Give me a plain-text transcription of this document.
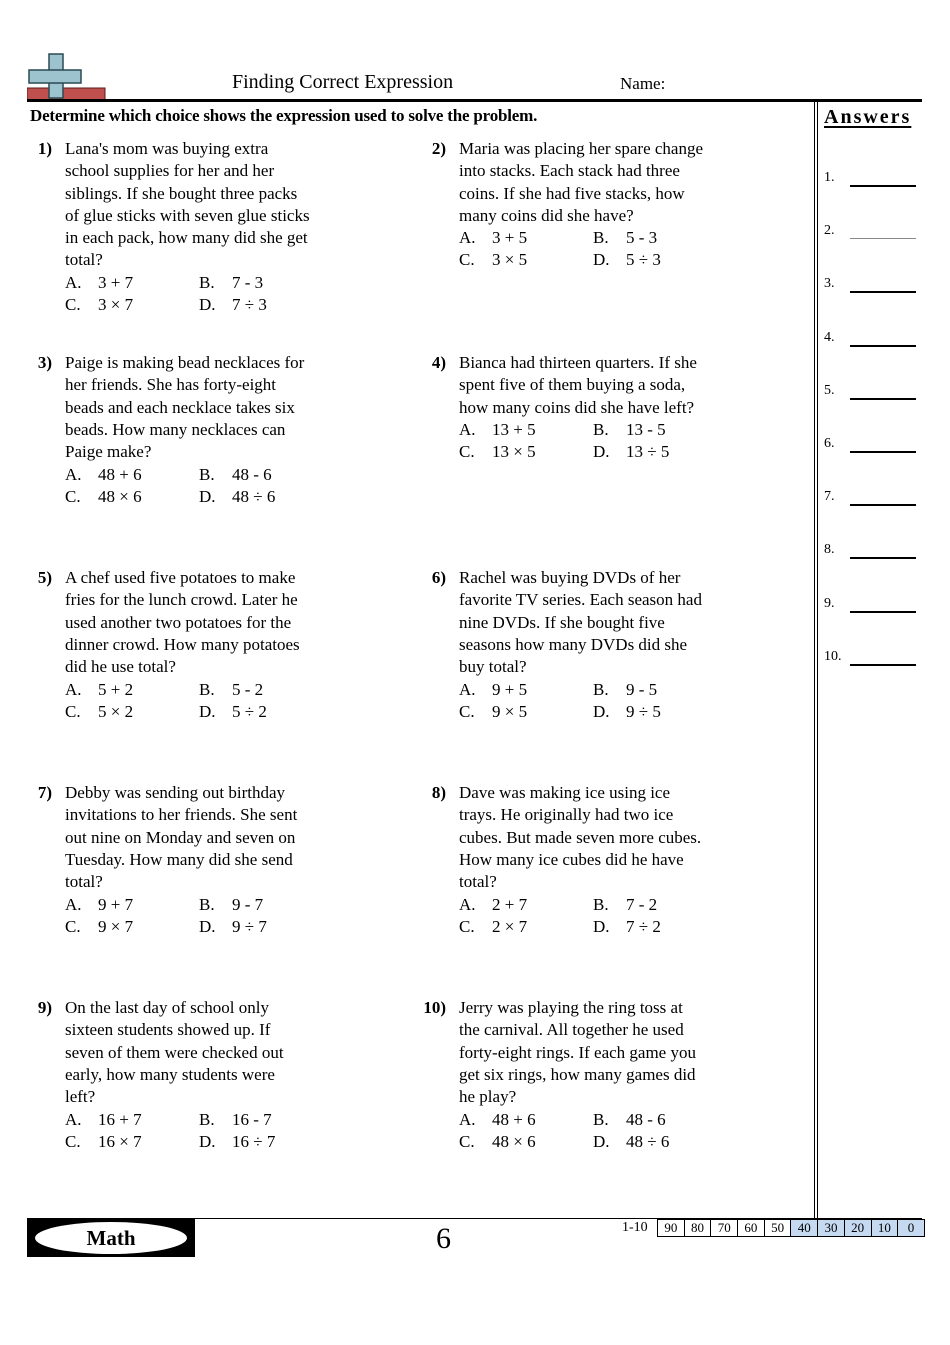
Finding Correct Expression	Name:
Determine which choice shows the expression used to solve the problem.	Answers
1.
2.
3.
4.
5.
6.
7.
8.
9.
10.
1) Lana's mom was buying extra
school supplies for her and her
siblings. If she bought three packs
of glue sticks with seven glue sticks
in each pack, how many did she get
total?
A. 3 + 7	B. 7 - 3
C. 3 × 7	D. 7 ÷ 3
2) Maria was placing her spare change
into stacks. Each stack had three
coins. If she had five stacks, how
many coins did she have?
A. 3 + 5	B. 5 - 3
C. 3 × 5	D. 5 ÷ 3
3) Paige is making bead necklaces for
her friends. She has forty-eight
beads and each necklace takes six
beads. How many necklaces can
Paige make?
A. 48 + 6	B. 48 - 6
C. 48 × 6	D. 48 ÷ 6
4) Bianca had thirteen quarters. If she
spent five of them buying a soda,
how many coins did she have left?
A. 13 + 5	B. 13 - 5
C. 13 × 5	D. 13 ÷ 5
5) A chef used five potatoes to make
fries for the lunch crowd. Later he
used another two potatoes for the
dinner crowd. How many potatoes
did he use total?
A. 5 + 2	B. 5 - 2
C. 5 × 2	D. 5 ÷ 2
6) Rachel was buying DVDs of her
favorite TV series. Each season had
nine DVDs. If she bought five
seasons how many DVDs did she
buy total?
A. 9 + 5	B. 9 - 5
C. 9 × 5	D. 9 ÷ 5
7) Debby was sending out birthday
invitations to her friends. She sent
out nine on Monday and seven on
Tuesday. How many did she send
total?
A. 9 + 7	B. 9 - 7
C. 9 × 7	D. 9 ÷ 7
8) Dave was making ice using ice
trays. He originally had two ice
cubes. But made seven more cubes.
How many ice cubes did he have
total?
A. 2 + 7	B. 7 - 2
C. 2 × 7	D. 7 ÷ 2
9) On the last day of school only
sixteen students showed up. If
seven of them were checked out
early, how many students were
left?
A. 16 + 7	B. 16 - 7
C. 16 × 7	D. 16 ÷ 7
10) Jerry was playing the ring toss at
the carnival. All together he used
forty-eight rings. If each game you
get six rings, how many games did
he play?
A. 48 + 6	B. 48 - 6
C. 48 × 6	D. 48 ÷ 6
Math	6	1-10	90	80	70	60	50	40	30	20	10	0
